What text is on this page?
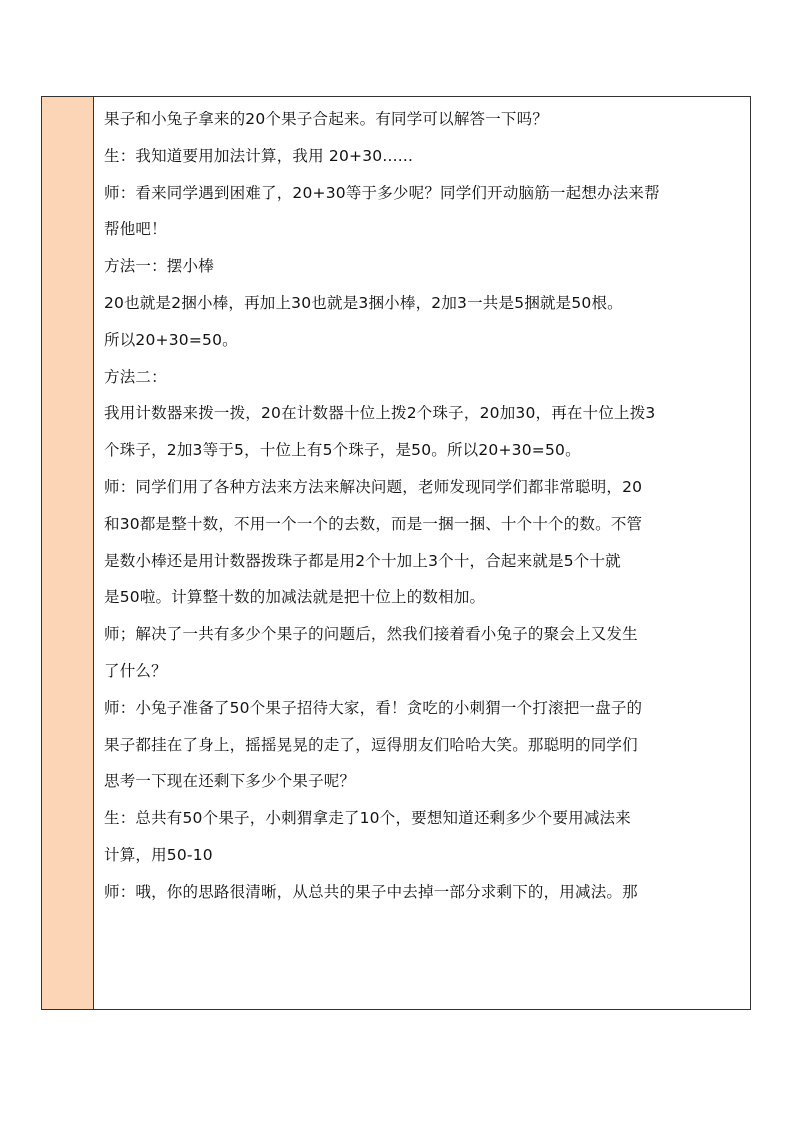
果子和小兔子拿来的20个果子合起来。有同学可以解答一下吗？
生：我知道要用加法计算，我用 20+30......
师：看来同学遇到困难了，20+30等于多少呢？同学们开动脑筋一起想办法来帮
帮他吧！
方法一：摆小棒
20也就是2捆小棒，再加上30也就是3捆小棒，2加3一共是5捆就是50根。
所以20+30=50。
方法二：
我用计数器来拨一拨，20在计数器十位上拨2个珠子，20加30，再在十位上拨3
个珠子，2加3等于5，十位上有5个珠子，是50。所以20+30=50。
师：同学们用了各种方法来方法来解决问题，老师发现同学们都非常聪明，20
和30都是整十数，不用一个一个的去数，而是一捆一捆、十个十个的数。不管
是数小棒还是用计数器拨珠子都是用2个十加上3个十，合起来就是5个十就
是50啦。计算整十数的加减法就是把十位上的数相加。
师；解决了一共有多少个果子的问题后，然我们接着看小兔子的聚会上又发生
了什么？
师：小兔子准备了50个果子招待大家，看！贪吃的小刺猬一个打滚把一盘子的
果子都挂在了身上，摇摇晃晃的走了，逗得朋友们哈哈大笑。那聪明的同学们
思考一下现在还剩下多少个果子呢？
生：总共有50个果子，小刺猬拿走了10个，要想知道还剩多少个要用减法来
计算，用50-10
师：哦，你的思路很清晰，从总共的果子中去掉一部分求剩下的，用减法。那
